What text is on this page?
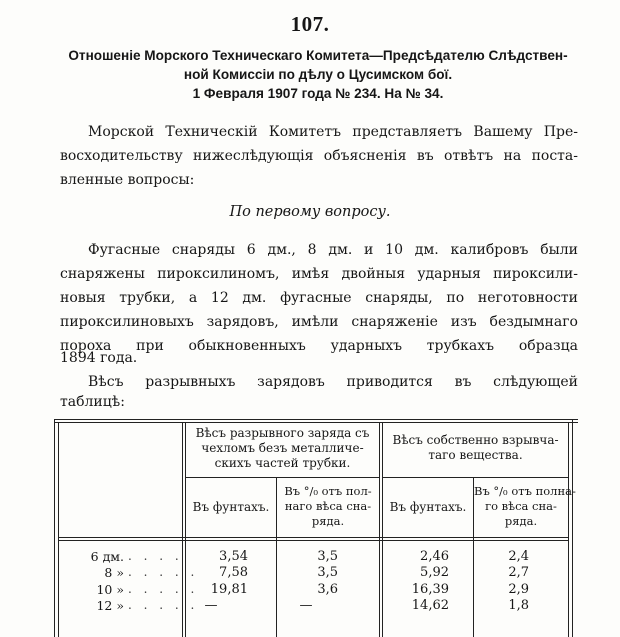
107.
Отношеніе Морского Техническаго Комитета—Предсѣдателю Слѣдствен-
ной Комиссіи по дѣлу о Цусимском бої.
1 Февраля 1907 года № 234. На № 34.
Морской Техническій Комитетъ представляетъ Вашему Пре-
восходительству нижеслѣдующія объясненія въ отвѣтъ на поста-
вленные вопросы:
По первому вопросу.
Фугасные снаряды 6 дм., 8 дм. и 10 дм. калибровъ были
снаряжены пироксилиномъ, имѣя двойныя ударныя пироксили-
новыя трубки, а 12 дм. фугасные снаряды, по неготовности
пироксилиновыхъ зарядовъ, имѣли снаряженіе изъ бездымнаго
пороха при обыкновенныхъ ударныхъ трубкахъ образца
1894 года.
Вѣсъ разрывныхъ зарядовъ приводится въ слѣдующей
таблицѣ:
Вѣсъ разрывного заряда съ
чехломъ безъ металличе-
скихъ частей трубки.
Вѣсъ собственно взрывча-
таго вещества.
Въ фунтахъ.
Въ °/₀ отъ пол-
наго вѣса сна-
ряда.
Въ фунтахъ.
Въ °/₀ отъ полна-
го вѣса сна-
ряда.
6 дм. . . . .	3,54	3,5	2,46	2,4
8 » . . . . .	7,58	3,5	5,92	2,7
10 » . . . . . 19,81	3,6	16,39	2,9
12 » . . . . . —	—	14,62	1,8
